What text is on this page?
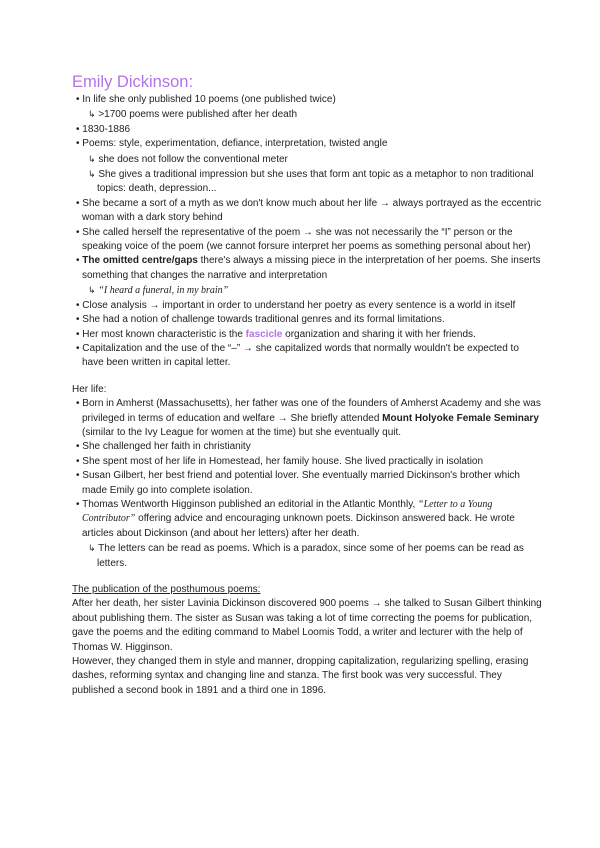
Emily Dickinson:
• In life she only published 10 poems (one published twice)
↳ >1700 poems were published after her death
• 1830-1886
• Poems: style, experimentation, defiance, interpretation, twisted angle
↳ she does not follow the conventional meter
↳ She gives a traditional impression but she uses that form ant topic as a metaphor to non traditional topics: death, depression...
• She became a sort of a myth as we don't know much about her life → always portrayed as the eccentric woman with a dark story behind
• She called herself the representative of the poem → she was not necessarily the “I” person or the speaking voice of the poem (we cannot forsure interpret her poems as something personal about her)
• The omitted centre/gaps there's always a missing piece in the interpretation of her poems. She inserts something that changes the narrative and interpretation
↳ “I heard a funeral, in my brain”
• Close analysis → important in order to understand her poetry as every sentence is a world in itself
• She had a notion of challenge towards traditional genres and its formal limitations.
• Her most known characteristic is the fascicle organization and sharing it with her friends.
• Capitalization and the use of the “–” → she capitalized words that normally wouldn't be expected to have been written in capital letter.
Her life:
• Born in Amherst (Massachusetts), her father was one of the founders of Amherst Academy and she was privileged in terms of education and welfare → She briefly attended Mount Holyoke Female Seminary (similar to the Ivy League for women at the time) but she eventually quit.
• She challenged her faith in christianity
• She spent most of her life in Homestead, her family house. She lived practically in isolation
• Susan Gilbert, her best friend and potential lover. She eventually married Dickinson's brother which made Emily go into complete isolation.
• Thomas Wentworth Higginson published an editorial in the Atlantic Monthly, “Letter to a Young Contributor” offering advice and encouraging unknown poets. Dickinson answered back. He wrote articles about Dickinson (and about her letters) after her death.
↳ The letters can be read as poems. Which is a paradox, since some of her poems can be read as letters.
The publication of the posthumous poems:

After her death, her sister Lavinia Dickinson discovered 900 poems → she talked to Susan Gilbert thinking about publishing them. The sister as Susan was taking a lot of time correcting the poems for publication, gave the poems and the editing command to Mabel Loomis Todd, a writer and lecturer with the help of Thomas W. Higginson.

However, they changed them in style and manner, dropping capitalization, regularizing spelling, erasing dashes, reforming syntax and changing line and stanza. The first book was very successful. They published a second book in 1891 and a third one in 1896.
